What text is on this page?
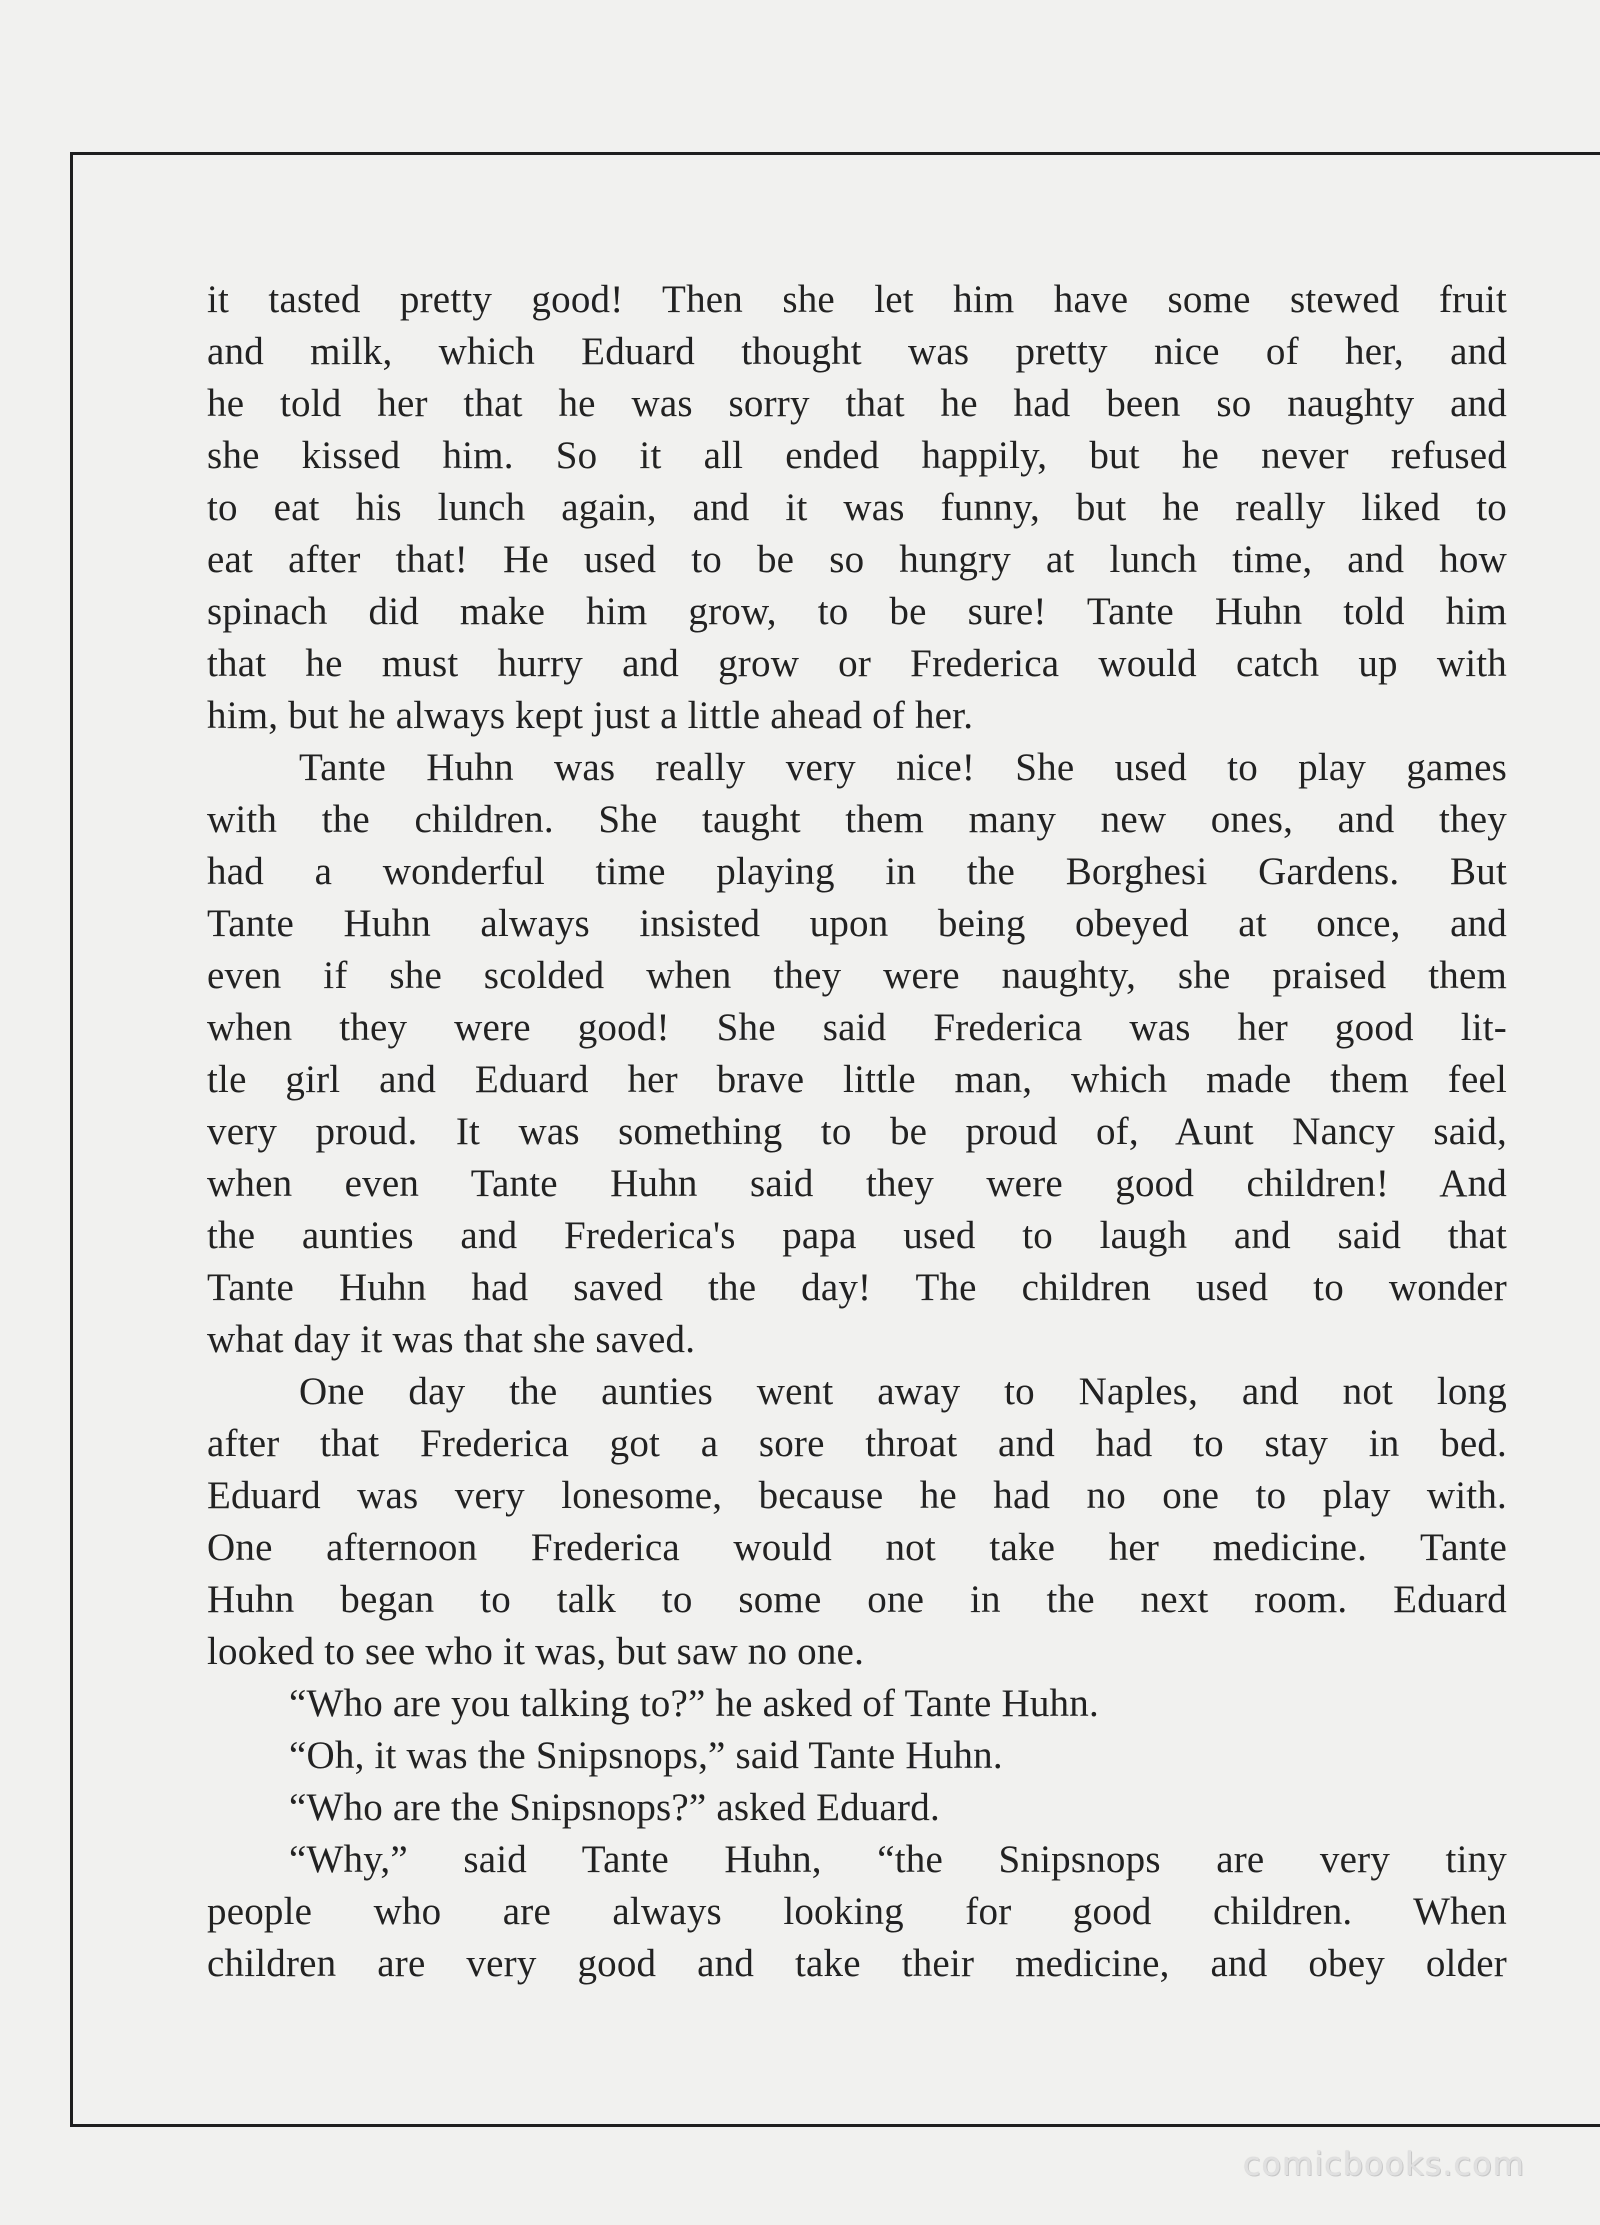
it tasted pretty good! Then she let him have some stewed fruit
and milk, which Eduard thought was pretty nice of her, and
he told her that he was sorry that he had been so naughty and
she kissed him. So it all ended happily, but he never refused
to eat his lunch again, and it was funny, but he really liked to
eat after that! He used to be so hungry at lunch time, and how
spinach did make him grow, to be sure! Tante Huhn told him
that he must hurry and grow or Frederica would catch up with
him, but he always kept just a little ahead of her.
Tante Huhn was really very nice! She used to play games
with the children. She taught them many new ones, and they
had a wonderful time playing in the Borghesi Gardens. But
Tante Huhn always insisted upon being obeyed at once, and
even if she scolded when they were naughty, she praised them
when they were good! She said Frederica was her good lit-
tle girl and Eduard her brave little man, which made them feel
very proud. It was something to be proud of, Aunt Nancy said,
when even Tante Huhn said they were good children! And
the aunties and Frederica's papa used to laugh and said that
Tante Huhn had saved the day! The children used to wonder
what day it was that she saved.
One day the aunties went away to Naples, and not long
after that Frederica got a sore throat and had to stay in bed.
Eduard was very lonesome, because he had no one to play with.
One afternoon Frederica would not take her medicine. Tante
Huhn began to talk to some one in the next room. Eduard
looked to see who it was, but saw no one.
“Who are you talking to?” he asked of Tante Huhn.
“Oh, it was the Snipsnops,” said Tante Huhn.
“Who are the Snipsnops?” asked Eduard.
“Why,” said Tante Huhn, “the Snipsnops are very tiny
people who are always looking for good children. When
children are very good and take their medicine, and obey older
comicbooks.com
